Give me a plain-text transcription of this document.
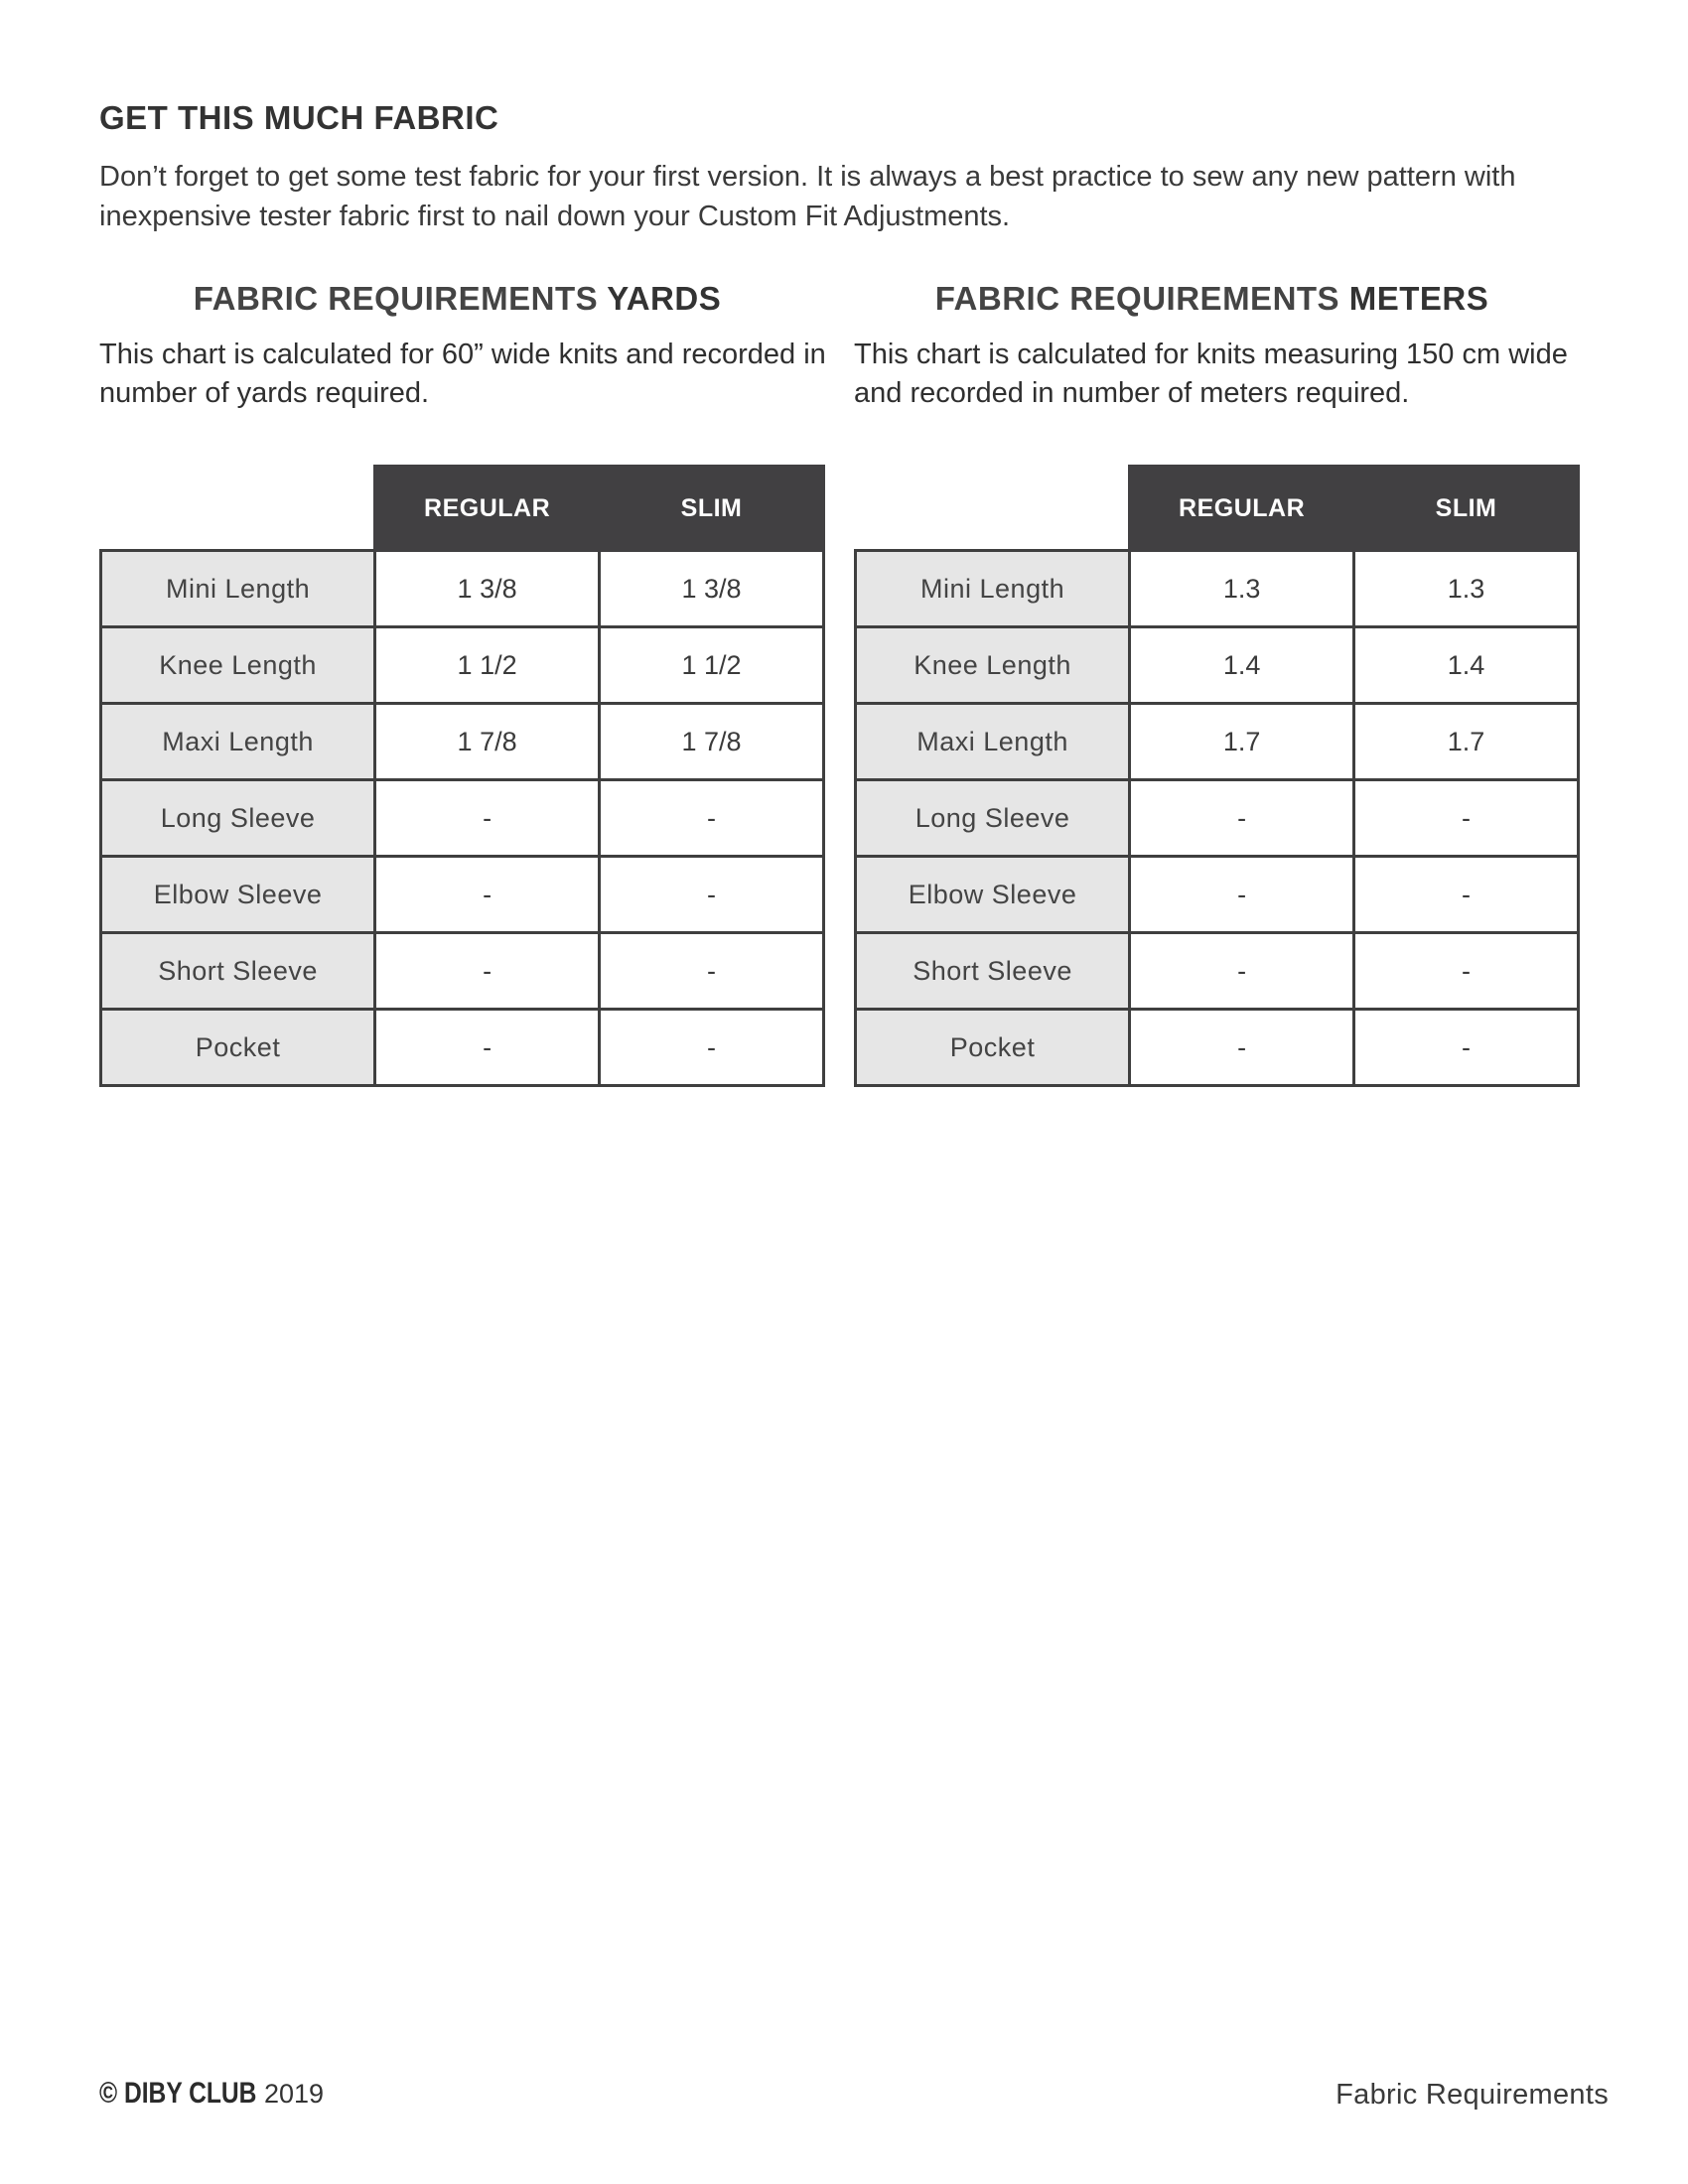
GET THIS MUCH FABRIC

Don’t forget to get some test fabric for your first version. It is always a best practice to sew any new pattern with inexpensive tester fabric first to nail down your Custom Fit Adjustments.

FABRIC REQUIREMENTS YARDS

This chart is calculated for 60” wide knits and recorded in number of yards required.

FABRIC REQUIREMENTS METERS

This chart is calculated for knits measuring 150 cm wide and recorded in number of meters required.

	REGULAR	SLIM
Mini Length	1 3/8	1 3/8
Knee Length	1 1/2	1 1/2
Maxi Length	1 7/8	1 7/8
Long Sleeve	-	-
Elbow Sleeve	-	-
Short Sleeve	-	-
Pocket	-	-
	REGULAR	SLIM
Mini Length	1.3	1.3
Knee Length	1.4	1.4
Maxi Length	1.7	1.7
Long Sleeve	-	-
Elbow Sleeve	-	-
Short Sleeve	-	-
Pocket	-	-
© DIBY CLUB 2019	Fabric Requirements
